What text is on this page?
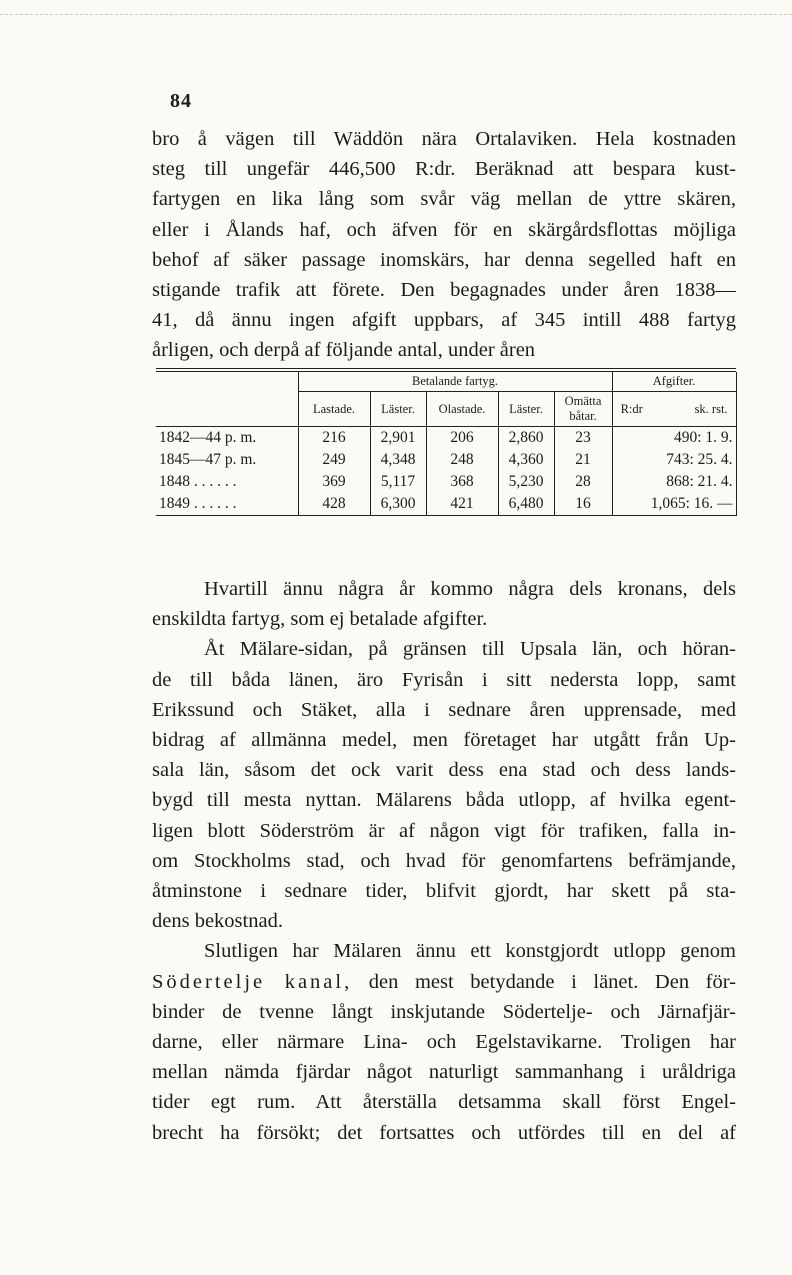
84
bro å vägen till Wäddön nära Ortalaviken. Hela kostnaden
steg till ungefär 446,500 R:dr. Beräknad att bespara kust-
fartygen en lika lång som svår väg mellan de yttre skären,
eller i Ålands haf, och äfven för en skärgårdsflottas möjliga
behof af säker passage inomskärs, har denna segelled haft en
stigande trafik att förete. Den begagnades under åren 1838—
41, då ännu ingen afgift uppbars, af 345 intill 488 fartyg
årligen, och derpå af följande antal, under åren
	Betalande fartyg.					Afgifter.
	Lastade.	Läster.	Olastade.	Läster.	Omätta båtar.	R:dr sk. rst.

1842—44 p. m.	216	2,901	206	2,860	23	490: 1. 9.
1845—47 p. m.	249	4,348	248	4,360	21	743: 25. 4.
1848 . . . . . .	369	5,117	368	5,230	28	868: 21. 4.
1849 . . . . . .	428	6,300	421	6,480	16	1,065: 16. —
Hvartill ännu några år kommo några dels kronans, dels
enskildta fartyg, som ej betalade afgifter.
Åt Mälare-sidan, på gränsen till Upsala län, och höran-
de till båda länen, äro Fyrisån i sitt nedersta lopp, samt
Erikssund och Stäket, alla i sednare åren upprensade, med
bidrag af allmänna medel, men företaget har utgått från Up-
sala län, såsom det ock varit dess ena stad och dess lands-
bygd till mesta nyttan. Mälarens båda utlopp, af hvilka egent-
ligen blott Söderström är af någon vigt för trafiken, falla in-
om Stockholms stad, och hvad för genomfartens befrämjande,
åtminstone i sednare tider, blifvit gjordt, har skett på sta-
dens bekostnad.
Slutligen har Mälaren ännu ett konstgjordt utlopp genom
Södertelje kanal, den mest betydande i länet. Den för-
binder de tvenne långt inskjutande Södertelje- och Järnafjär-
darne, eller närmare Lina- och Egelstavikarne. Troligen har
mellan nämda fjärdar något naturligt sammanhang i uråldriga
tider egt rum. Att återställa detsamma skall först Engel-
brecht ha försökt; det fortsattes och utfördes till en del af
